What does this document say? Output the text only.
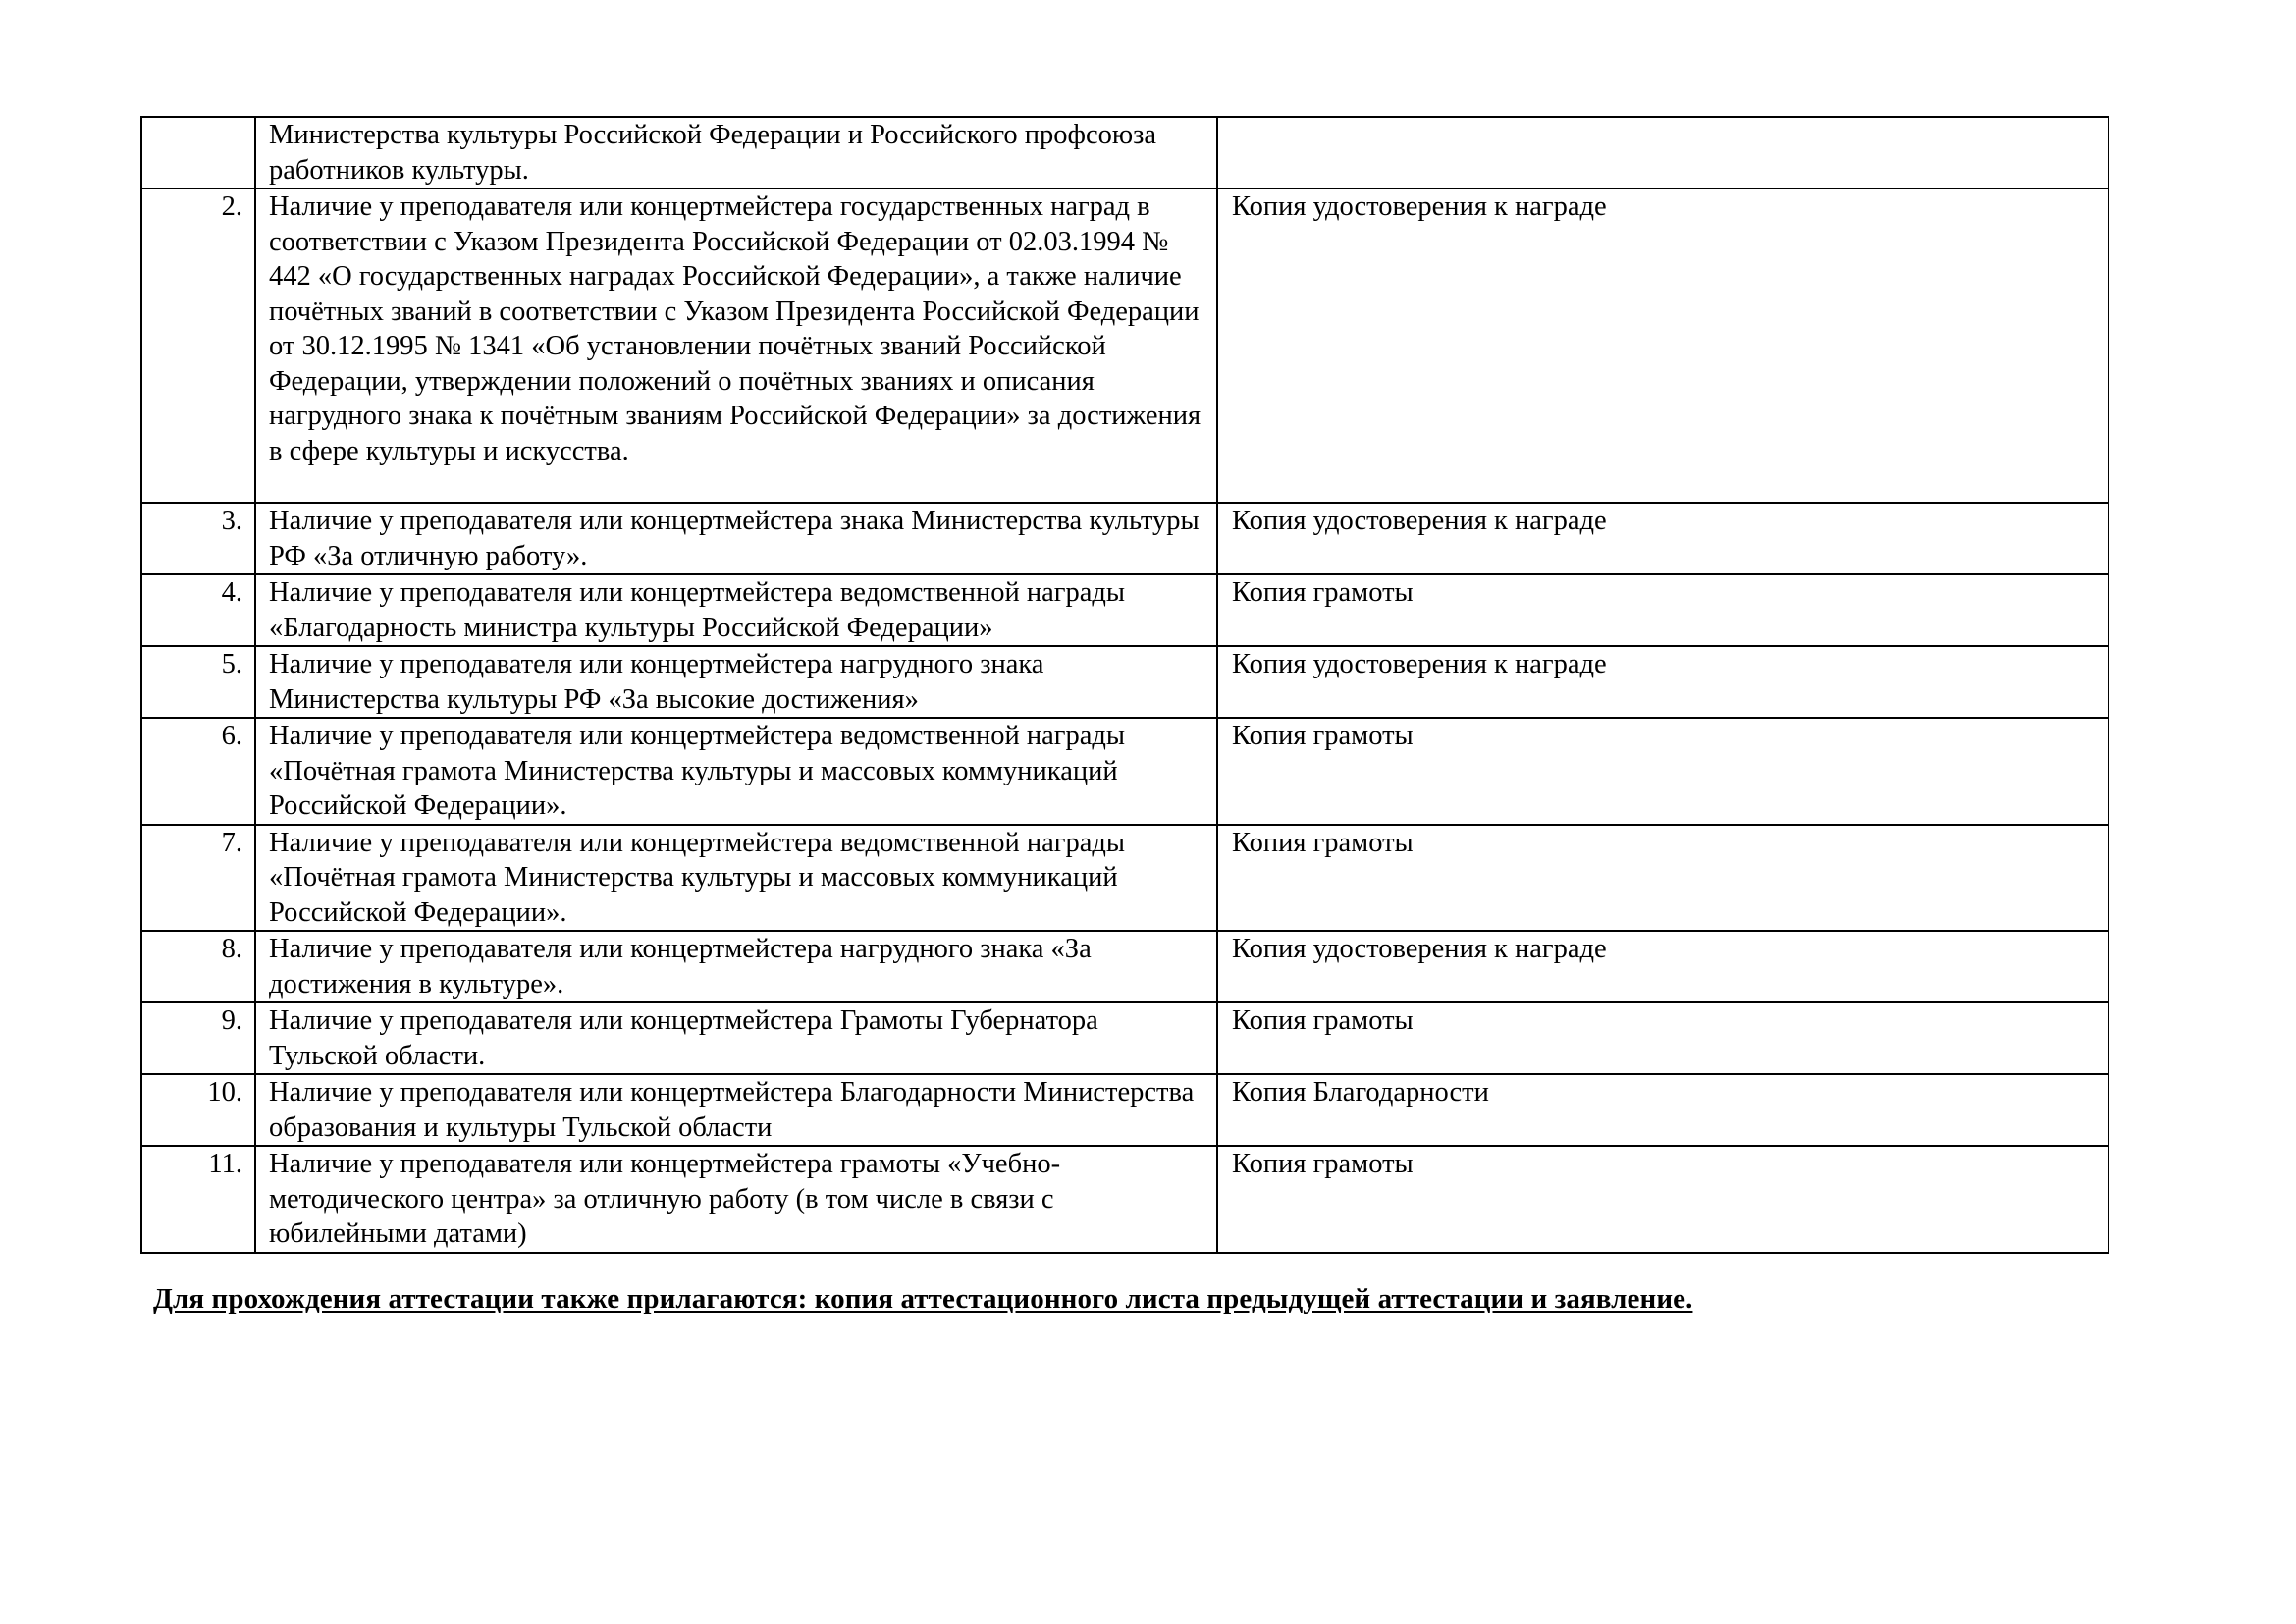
	Министерства культуры Российской Федерации и Российского профсоюза работников культуры.	
2.	Наличие у преподавателя или концертмейстера государственных наград в соответствии с Указом Президента Российской Федерации от 02.03.1994 № 442 «О государственных наградах Российской Федерации», а также наличие почётных званий в соответствии с Указом Президента Российской Федерации от 30.12.1995 № 1341 «Об установлении почётных званий Российской Федерации, утверждении положений о почётных званиях и описания нагрудного знака к почётным званиям Российской Федерации» за достижения в сфере культуры и искусства.	Копия удостоверения к награде
3.	Наличие у преподавателя или концертмейстера знака Министерства культуры РФ «За отличную работу».	Копия удостоверения к награде
4.	Наличие у преподавателя или концертмейстера ведомственной награды «Благодарность министра культуры Российской Федерации»	Копия грамоты
5.	Наличие у преподавателя или концертмейстера нагрудного знака Министерства культуры РФ «За высокие достижения»	Копия удостоверения к награде
6.	Наличие у преподавателя или концертмейстера ведомственной награды «Почётная грамота Министерства культуры и массовых коммуникаций Российской Федерации».	Копия грамоты
7.	Наличие у преподавателя или концертмейстера ведомственной награды «Почётная грамота Министерства культуры и массовых коммуникаций Российской Федерации».	Копия грамоты
8.	Наличие у преподавателя или концертмейстера нагрудного знака «За достижения в культуре».	Копия удостоверения к награде
9.	Наличие у преподавателя или концертмейстера Грамоты Губернатора Тульской области.	Копия грамоты
10.	Наличие у преподавателя или концертмейстера Благодарности Министерства образования и культуры Тульской области	Копия Благодарности
11.	Наличие у преподавателя или концертмейстера грамоты «Учебно-методического центра» за отличную работу (в том числе в связи с юбилейными датами)	Копия грамоты
Для прохождения аттестации также прилагаются: копия аттестационного листа предыдущей аттестации и заявление.
